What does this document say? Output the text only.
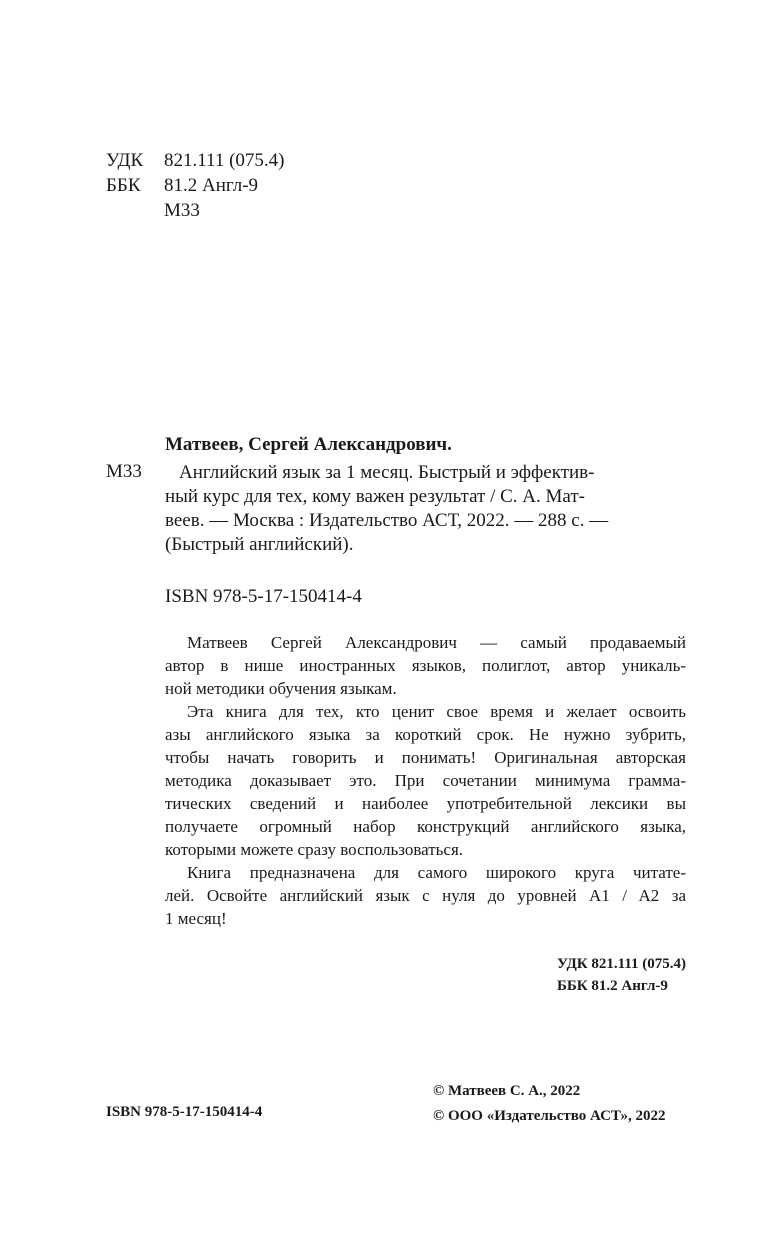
УДК	821.111 (075.4)
ББК	81.2 Англ-9
М33
Матвеев, Сергей Александрович.
М33	Английский язык за 1 месяц. Быстрый и эффектив-
ный курс для тех, кому важен результат / С. А. Мат-
веев. — Москва : Издательство АСТ, 2022. — 288 с. —
(Быстрый английский).
ISBN 978-5-17-150414-4
Матвеев Сергей Александрович — самый продаваемый
автор в нише иностранных языков, полиглот, автор уникаль-
ной методики обучения языкам.
Эта книга для тех, кто ценит свое время и желает освоить
азы английского языка за короткий срок. Не нужно зубрить,
чтобы начать говорить и понимать! Оригинальная авторская
методика доказывает это. При сочетании минимума грамма-
тических сведений и наиболее употребительной лексики вы
получаете огромный набор конструкций английского языка,
которыми можете сразу воспользоваться.
Книга предназначена для самого широкого круга читате-
лей. Освойте английский язык с нуля до уровней A1 / A2 за
1 месяц!
УДК 821.111 (075.4)
ББК 81.2 Англ-9
ISBN 978-5-17-150414-4
© Матвеев С. А., 2022
© ООО «Издательство АСТ», 2022
